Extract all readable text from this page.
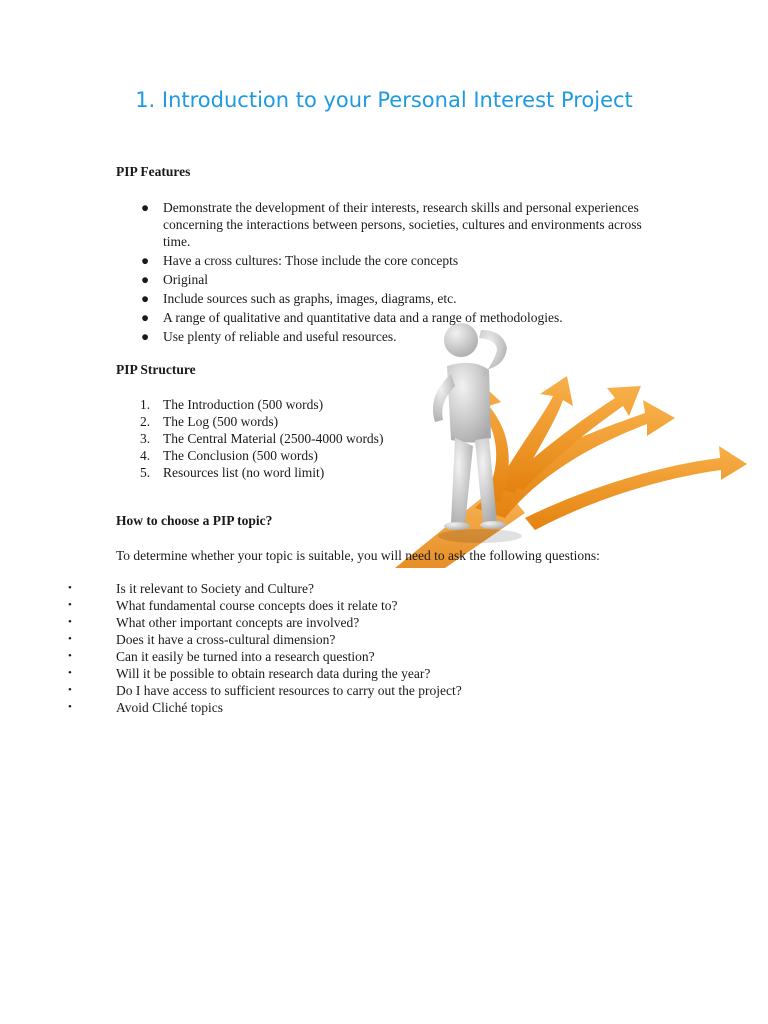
1. Introduction to your Personal Interest Project

PIP Features

● Demonstrate the development of their interests, research skills and personal experiences concerning the interactions between persons, societies, cultures and environments across time.
● Have a cross cultures: Those include the core concepts
● Original
● Include sources such as graphs, images, diagrams, etc.
● A range of qualitative and quantitative data and a range of methodologies.
● Use plenty of reliable and useful resources.

PIP Structure

1. The Introduction (500 words)
2. The Log (500 words)
3. The Central Material (2500-4000 words)
4. The Conclusion (500 words)
5. Resources list (no word limit)

How to choose a PIP topic?

To determine whether your topic is suitable, you will need to ask the following questions:

•	Is it relevant to Society and Culture?
•	What fundamental course concepts does it relate to?
•	What other important concepts are involved?
•	Does it have a cross-cultural dimension?
•	Can it easily be turned into a research question?
•	Will it be possible to obtain research data during the year?
•	Do I have access to sufficient resources to carry out the project?
•	Avoid Cliché topics
